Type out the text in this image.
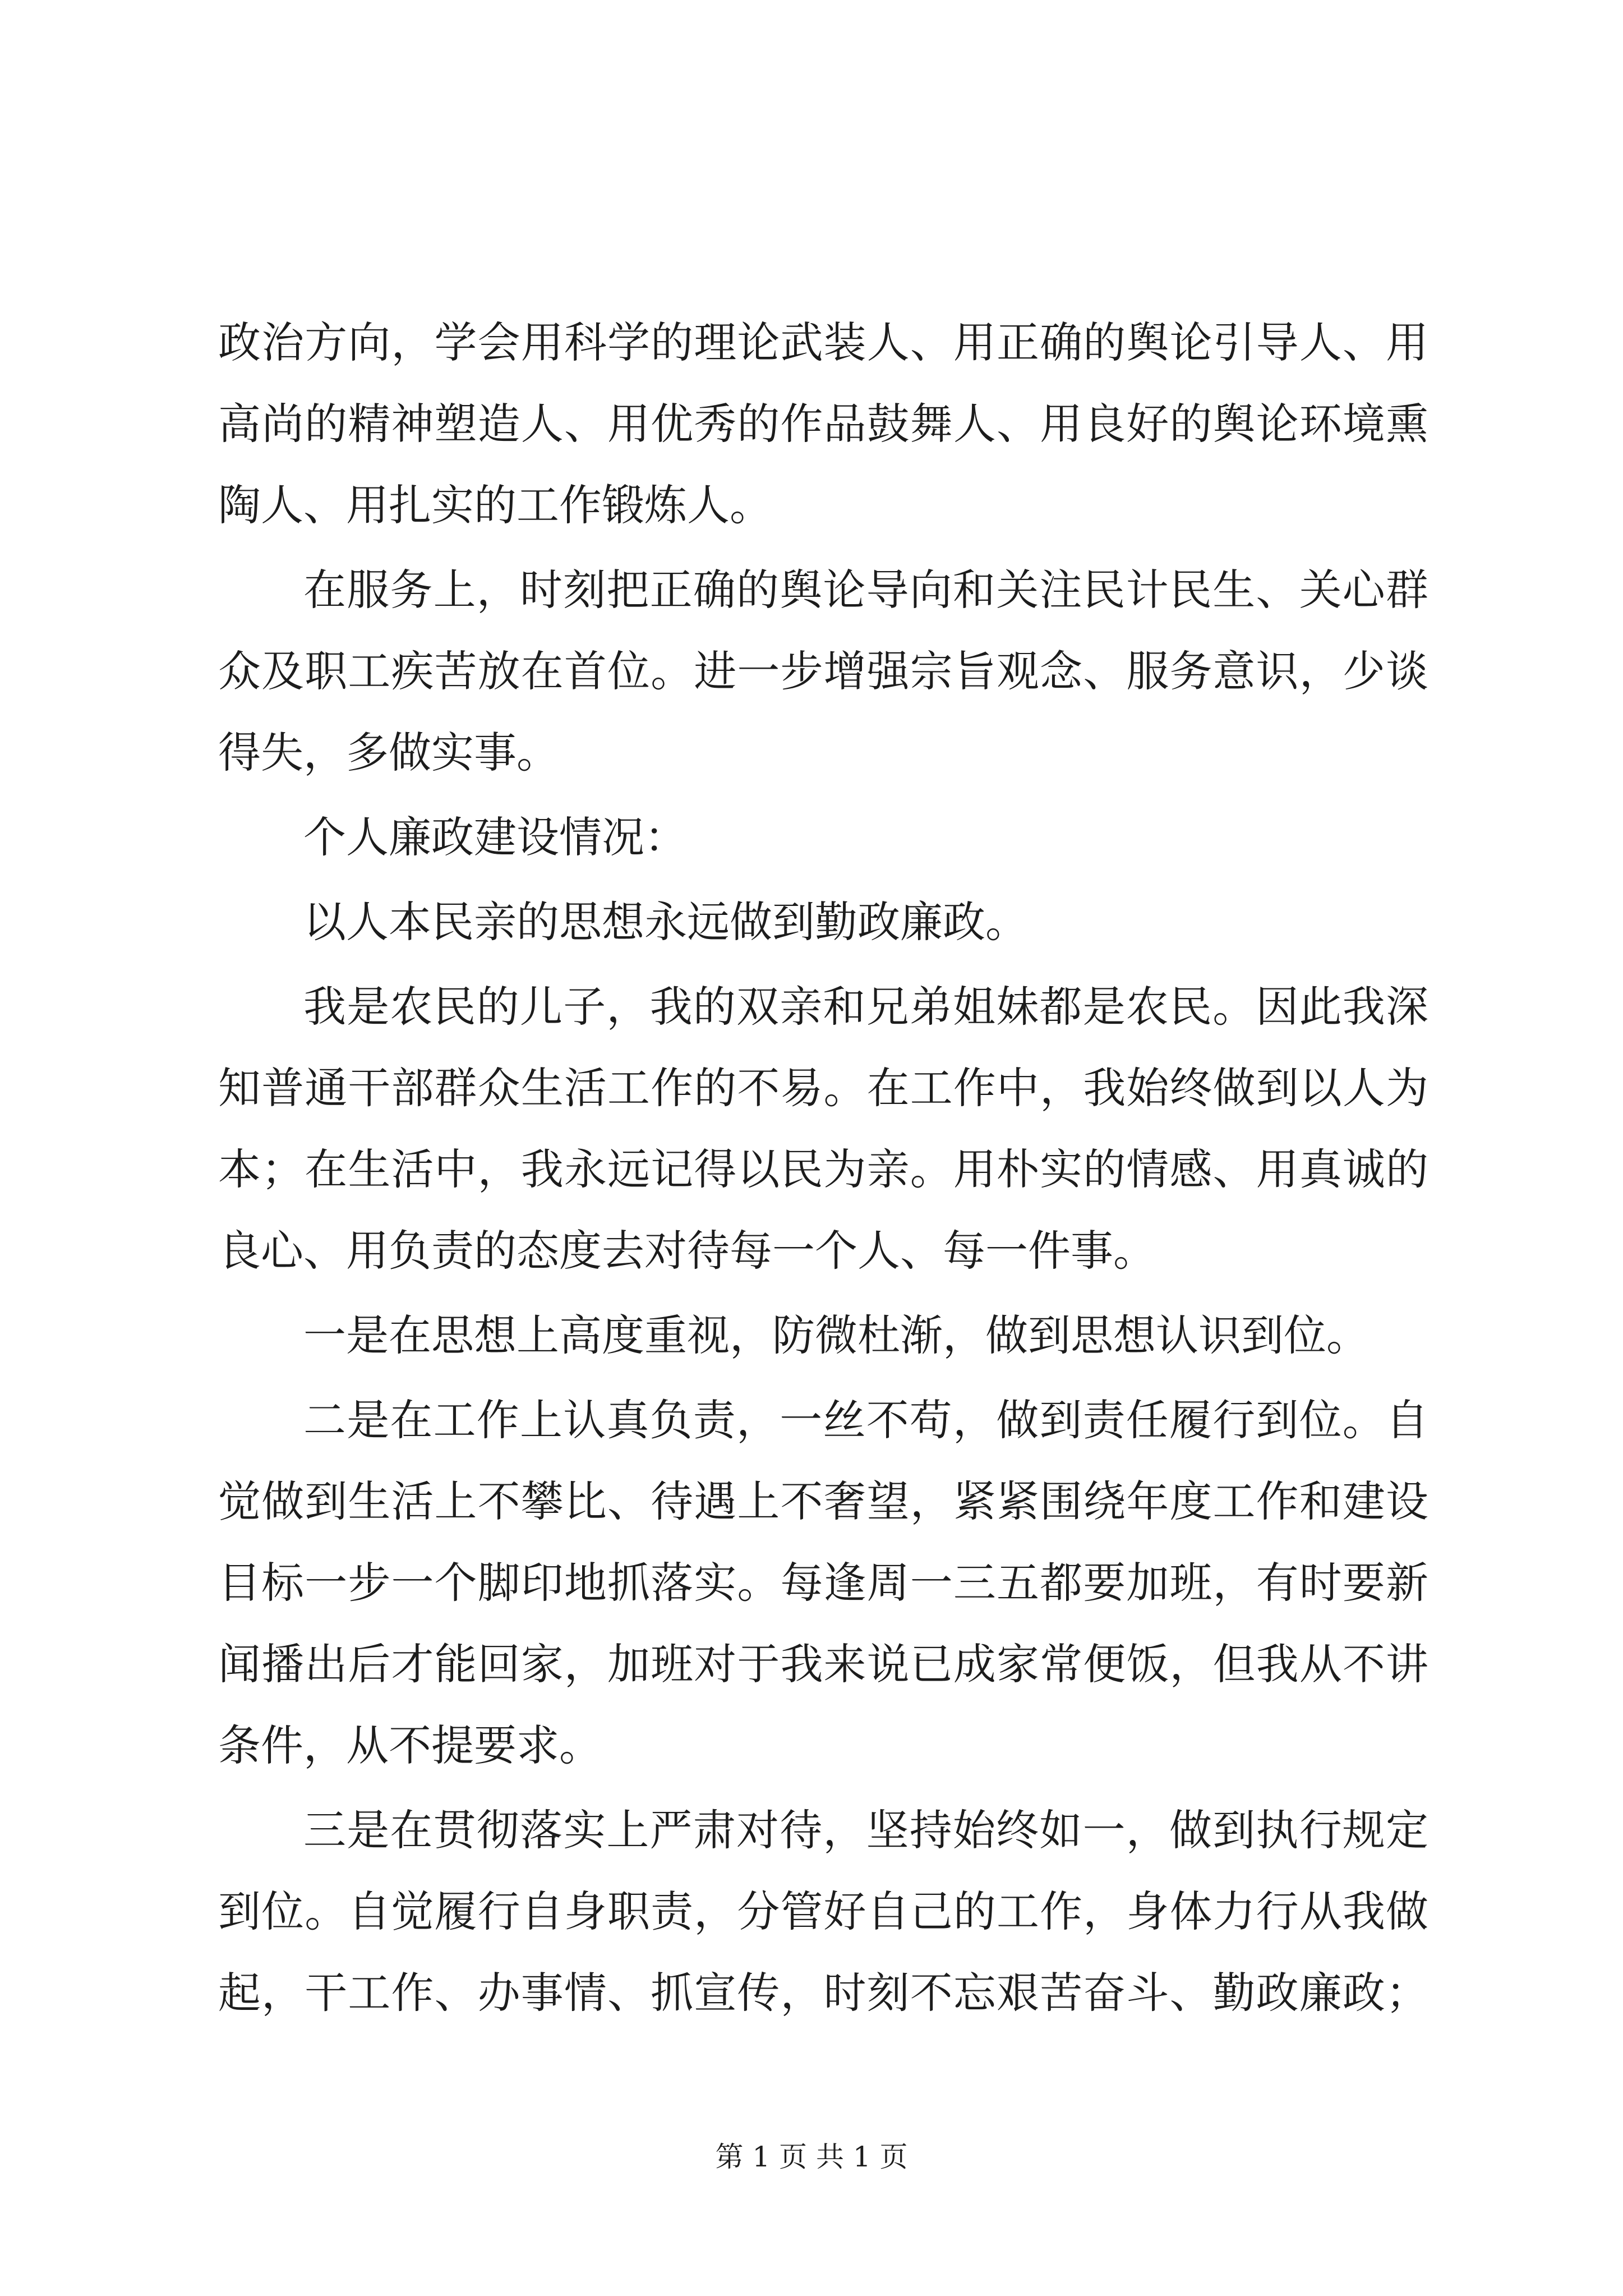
政治方向，学会用科学的理论武装人、用正确的舆论引导人、用
高尚的精神塑造人、用优秀的作品鼓舞人、用良好的舆论环境熏
陶人、用扎实的工作锻炼人。
在服务上，时刻把正确的舆论导向和关注民计民生、关心群
众及职工疾苦放在首位。进一步增强宗旨观念、服务意识，少谈
得失，多做实事。
个人廉政建设情况：
以人本民亲的思想永远做到勤政廉政。
我是农民的儿子，我的双亲和兄弟姐妹都是农民。因此我深
知普通干部群众生活工作的不易。在工作中，我始终做到以人为
本；在生活中，我永远记得以民为亲。用朴实的情感、用真诚的
良心、用负责的态度去对待每一个人、每一件事。
一是在思想上高度重视，防微杜渐，做到思想认识到位。
二是在工作上认真负责，一丝不苟，做到责任履行到位。自
觉做到生活上不攀比、待遇上不奢望，紧紧围绕年度工作和建设
目标一步一个脚印地抓落实。每逢周一三五都要加班，有时要新
闻播出后才能回家，加班对于我来说已成家常便饭，但我从不讲
条件，从不提要求。
三是在贯彻落实上严肃对待，坚持始终如一，做到执行规定
到位。自觉履行自身职责，分管好自己的工作，身体力行从我做
起，干工作、办事情、抓宣传，时刻不忘艰苦奋斗、勤政廉政；
第 1 页 共 1 页
